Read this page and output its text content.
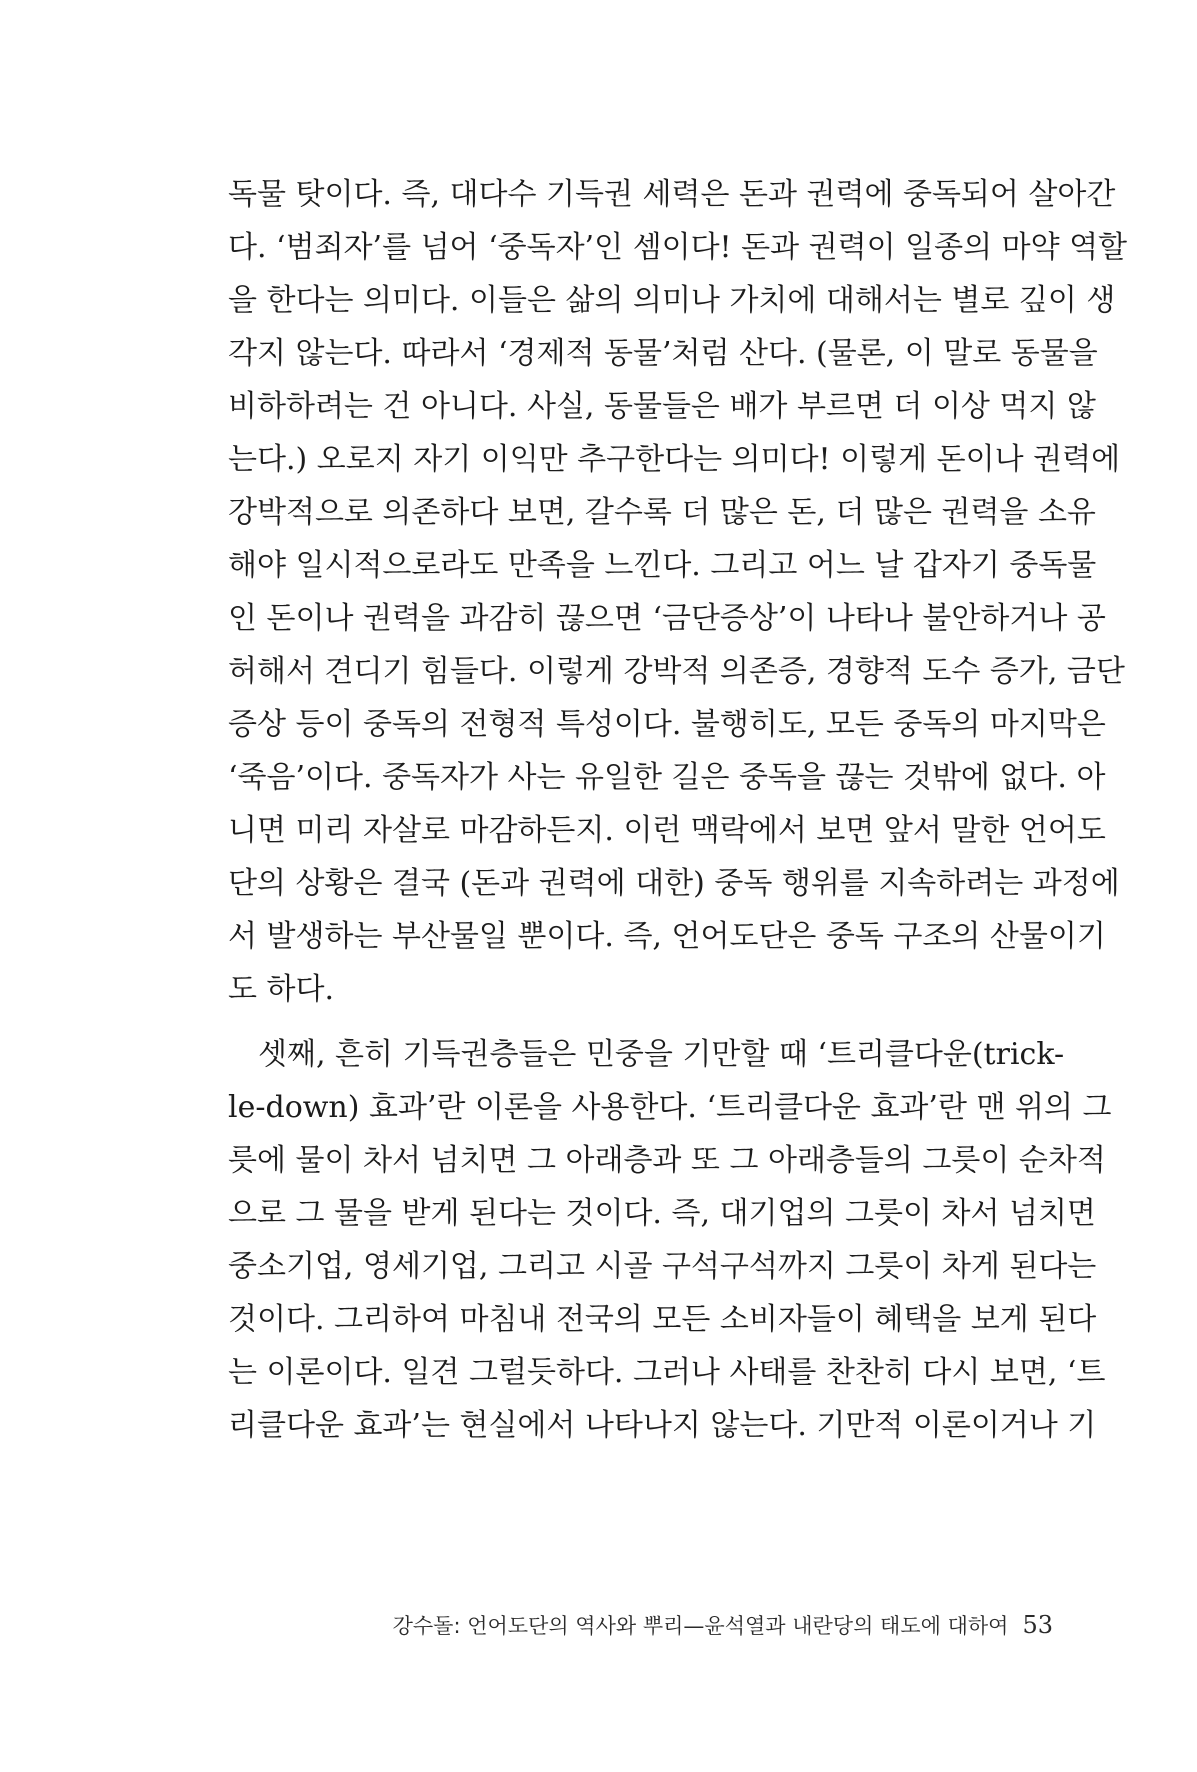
독물 탓이다. 즉, 대다수 기득권 세력은 돈과 권력에 중독되어 살아간
다. ‘범죄자’를 넘어 ‘중독자’인 셈이다! 돈과 권력이 일종의 마약 역할
을 한다는 의미다. 이들은 삶의 의미나 가치에 대해서는 별로 깊이 생
각지 않는다. 따라서 ‘경제적 동물’처럼 산다. (물론, 이 말로 동물을
비하하려는 건 아니다. 사실, 동물들은 배가 부르면 더 이상 먹지 않
는다.) 오로지 자기 이익만 추구한다는 의미다! 이렇게 돈이나 권력에
강박적으로 의존하다 보면, 갈수록 더 많은 돈, 더 많은 권력을 소유
해야 일시적으로라도 만족을 느낀다. 그리고 어느 날 갑자기 중독물
인 돈이나 권력을 과감히 끊으면 ‘금단증상’이 나타나 불안하거나 공
허해서 견디기 힘들다. 이렇게 강박적 의존증, 경향적 도수 증가, 금단
증상 등이 중독의 전형적 특성이다. 불행히도, 모든 중독의 마지막은
‘죽음’이다. 중독자가 사는 유일한 길은 중독을 끊는 것밖에 없다. 아
니면 미리 자살로 마감하든지. 이런 맥락에서 보면 앞서 말한 언어도
단의 상황은 결국 (돈과 권력에 대한) 중독 행위를 지속하려는 과정에
서 발생하는 부산물일 뿐이다. 즉, 언어도단은 중독 구조의 산물이기
도 하다.
셋째, 흔히 기득권층들은 민중을 기만할 때 ‘트리클다운(trick-
le-down) 효과’란 이론을 사용한다. ‘트리클다운 효과’란 맨 위의 그
릇에 물이 차서 넘치면 그 아래층과 또 그 아래층들의 그릇이 순차적
으로 그 물을 받게 된다는 것이다. 즉, 대기업의 그릇이 차서 넘치면
중소기업, 영세기업, 그리고 시골 구석구석까지 그릇이 차게 된다는
것이다. 그리하여 마침내 전국의 모든 소비자들이 혜택을 보게 된다
는 이론이다. 일견 그럴듯하다. 그러나 사태를 찬찬히 다시 보면, ‘트
리클다운 효과’는 현실에서 나타나지 않는다. 기만적 이론이거나 기
강수돌: 언어도단의 역사와 뿌리—윤석열과 내란당의 태도에 대하여 53
